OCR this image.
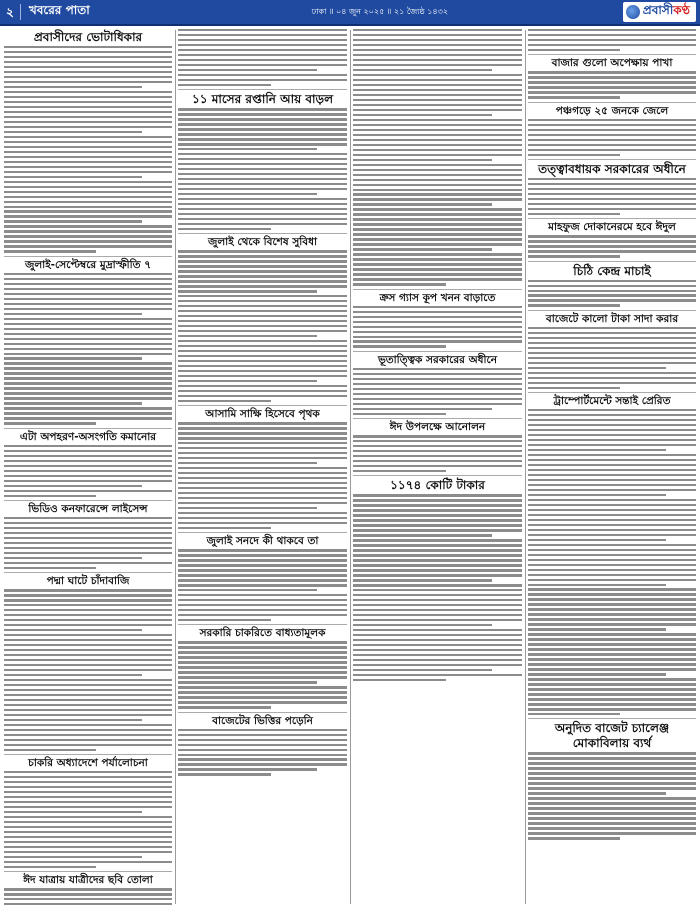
২	খবরের পাতা	ঢাকা ॥ ০৪ জুন ২০২৫ ॥ ২১ জ্যৈষ্ঠ ১৪৩২	প্রবাসী কণ্ঠ
প্রবাসীদের ভোটাধিকার
জুলাই-সেপ্টেম্বরে মুদ্রাস্ফীতি ৭
এটা অপহরণ-অসংগতি কমানোর
ভিডিও কনফারেন্সে লাইসেন্স
পদ্মা ঘাটে চাঁদাবাজি
চাকরি অধ্যাদেশে পর্যালোচনা
ঈদ যাত্রায় যাত্রীদের ছবি তোলা
১১ মাসের রপ্তানি আয় বাড়ল
জুলাই থেকে বিশেষ সুবিধা
আসামি সাক্ষি হিসেবে পৃথক
জুলাই সনদে কী থাকবে তা
সরকারি চাকরিতে বাধ্যতামূলক
বাজেটের ভিত্তির পড়েনি
ক্রস গ্যাস কূপ খনন বাড়াতে
ভূতাত্ত্বিক সরকারের অধীনে
ঈদ উপলক্ষে আনোলন
১১৭৪ কোটি টাকার
বাজার গুলো অপেক্ষায় পাখা
পঞ্চগড়ে ২৫ জনকে জেলে
তত্ত্বাবধায়ক সরকারের অধীনে
মাহফুজ দোকানেরমে হবে ঈদুল
চিঠি কেন্দ্র মাচাই
বাজেটে কালো টাকা সাদা করার
ট্রাম্পোর্টমেন্টে সন্তাই প্রেরিত
অনুদিত বাজেট চ্যালেঞ্জ মোকাবিলায় ব্যর্থ
